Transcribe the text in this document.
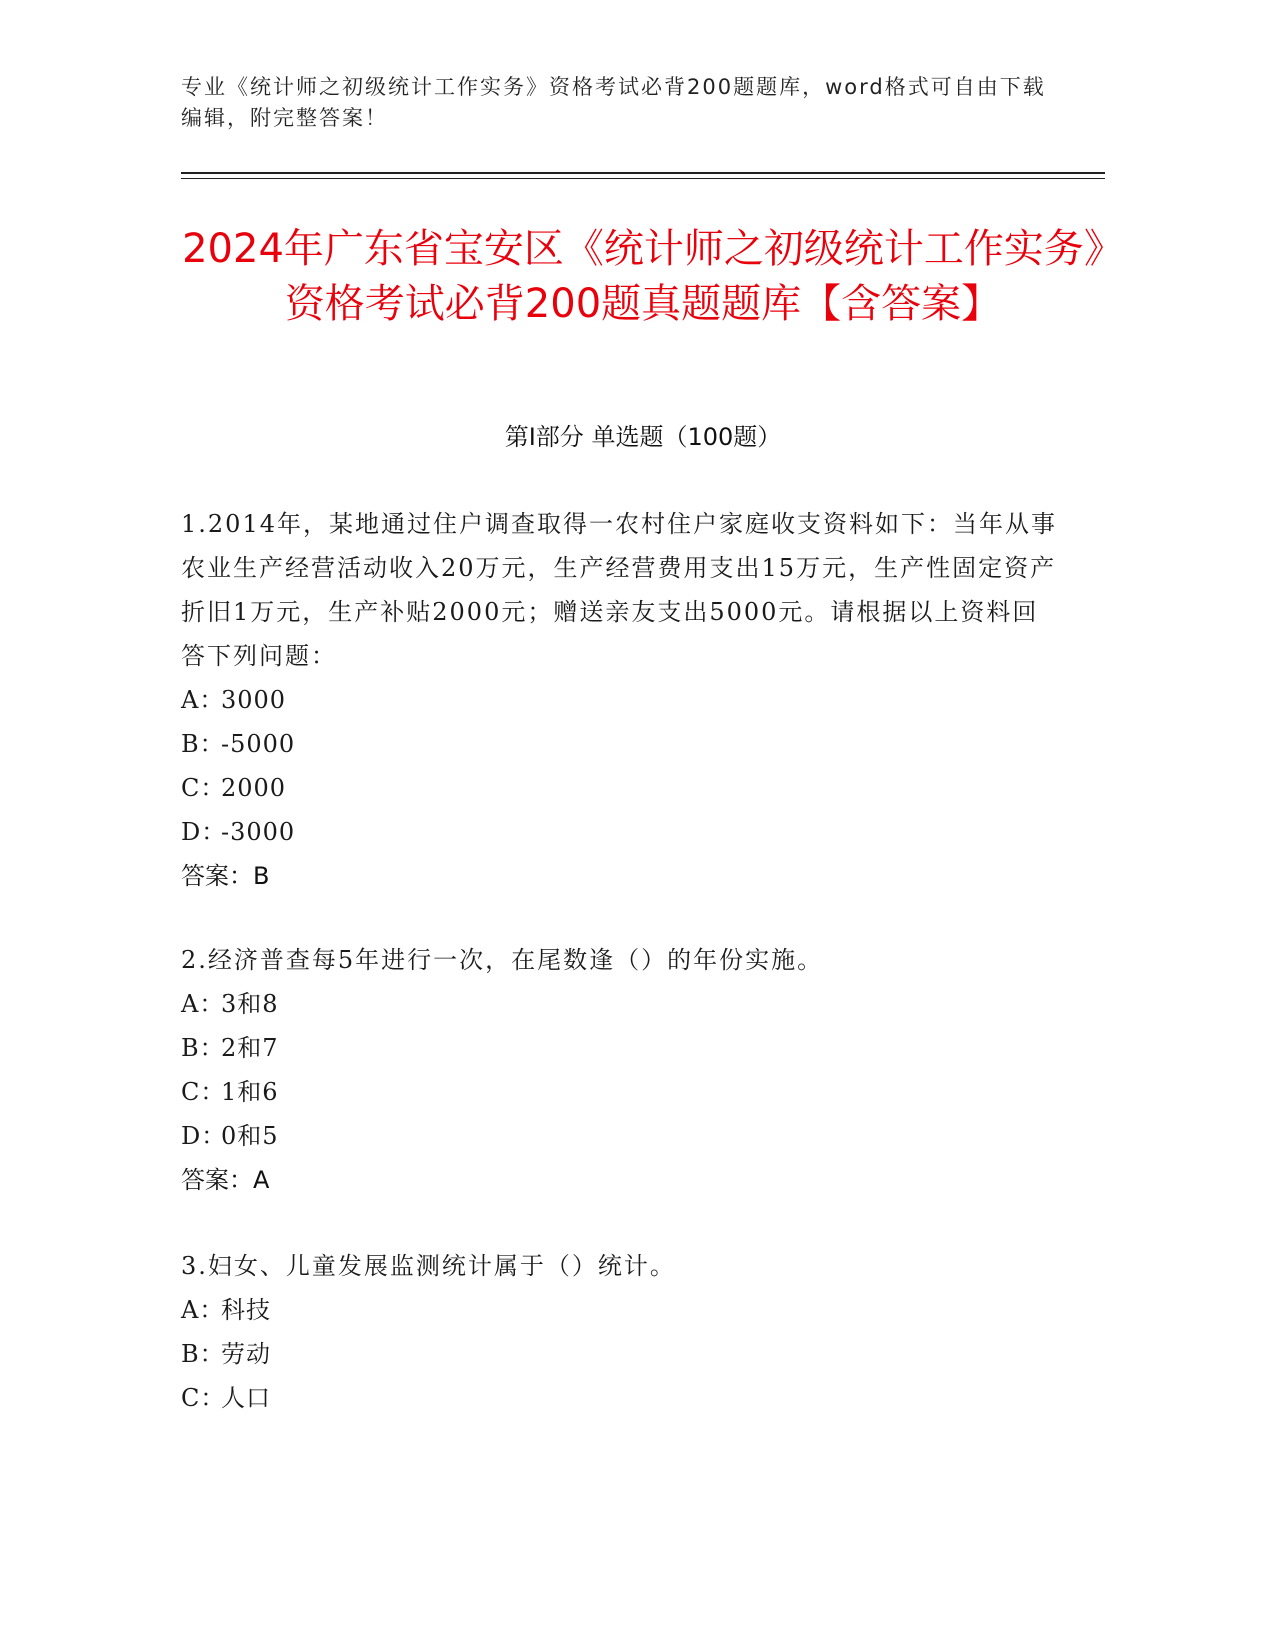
专业《统计师之初级统计工作实务》资格考试必背200题题库，word格式可自由下载编辑，附完整答案！
2024年广东省宝安区《统计师之初级统计工作实务》资格考试必背200题真题题库【含答案】
第I部分 单选题（100题）
1.2014年，某地通过住户调查取得一农村住户家庭收支资料如下：当年从事农业生产经营活动收入20万元，生产经营费用支出15万元，生产性固定资产折旧1万元，生产补贴2000元；赠送亲友支出5000元。请根据以上资料回答下列问题：
A：3000
B：-5000
C：2000
D：-3000
答案：B
2.经济普查每5年进行一次，在尾数逢（）的年份实施。
A：3和8
B：2和7
C：1和6
D：0和5
答案：A
3.妇女、儿童发展监测统计属于（）统计。
A：科技
B：劳动
C：人口
